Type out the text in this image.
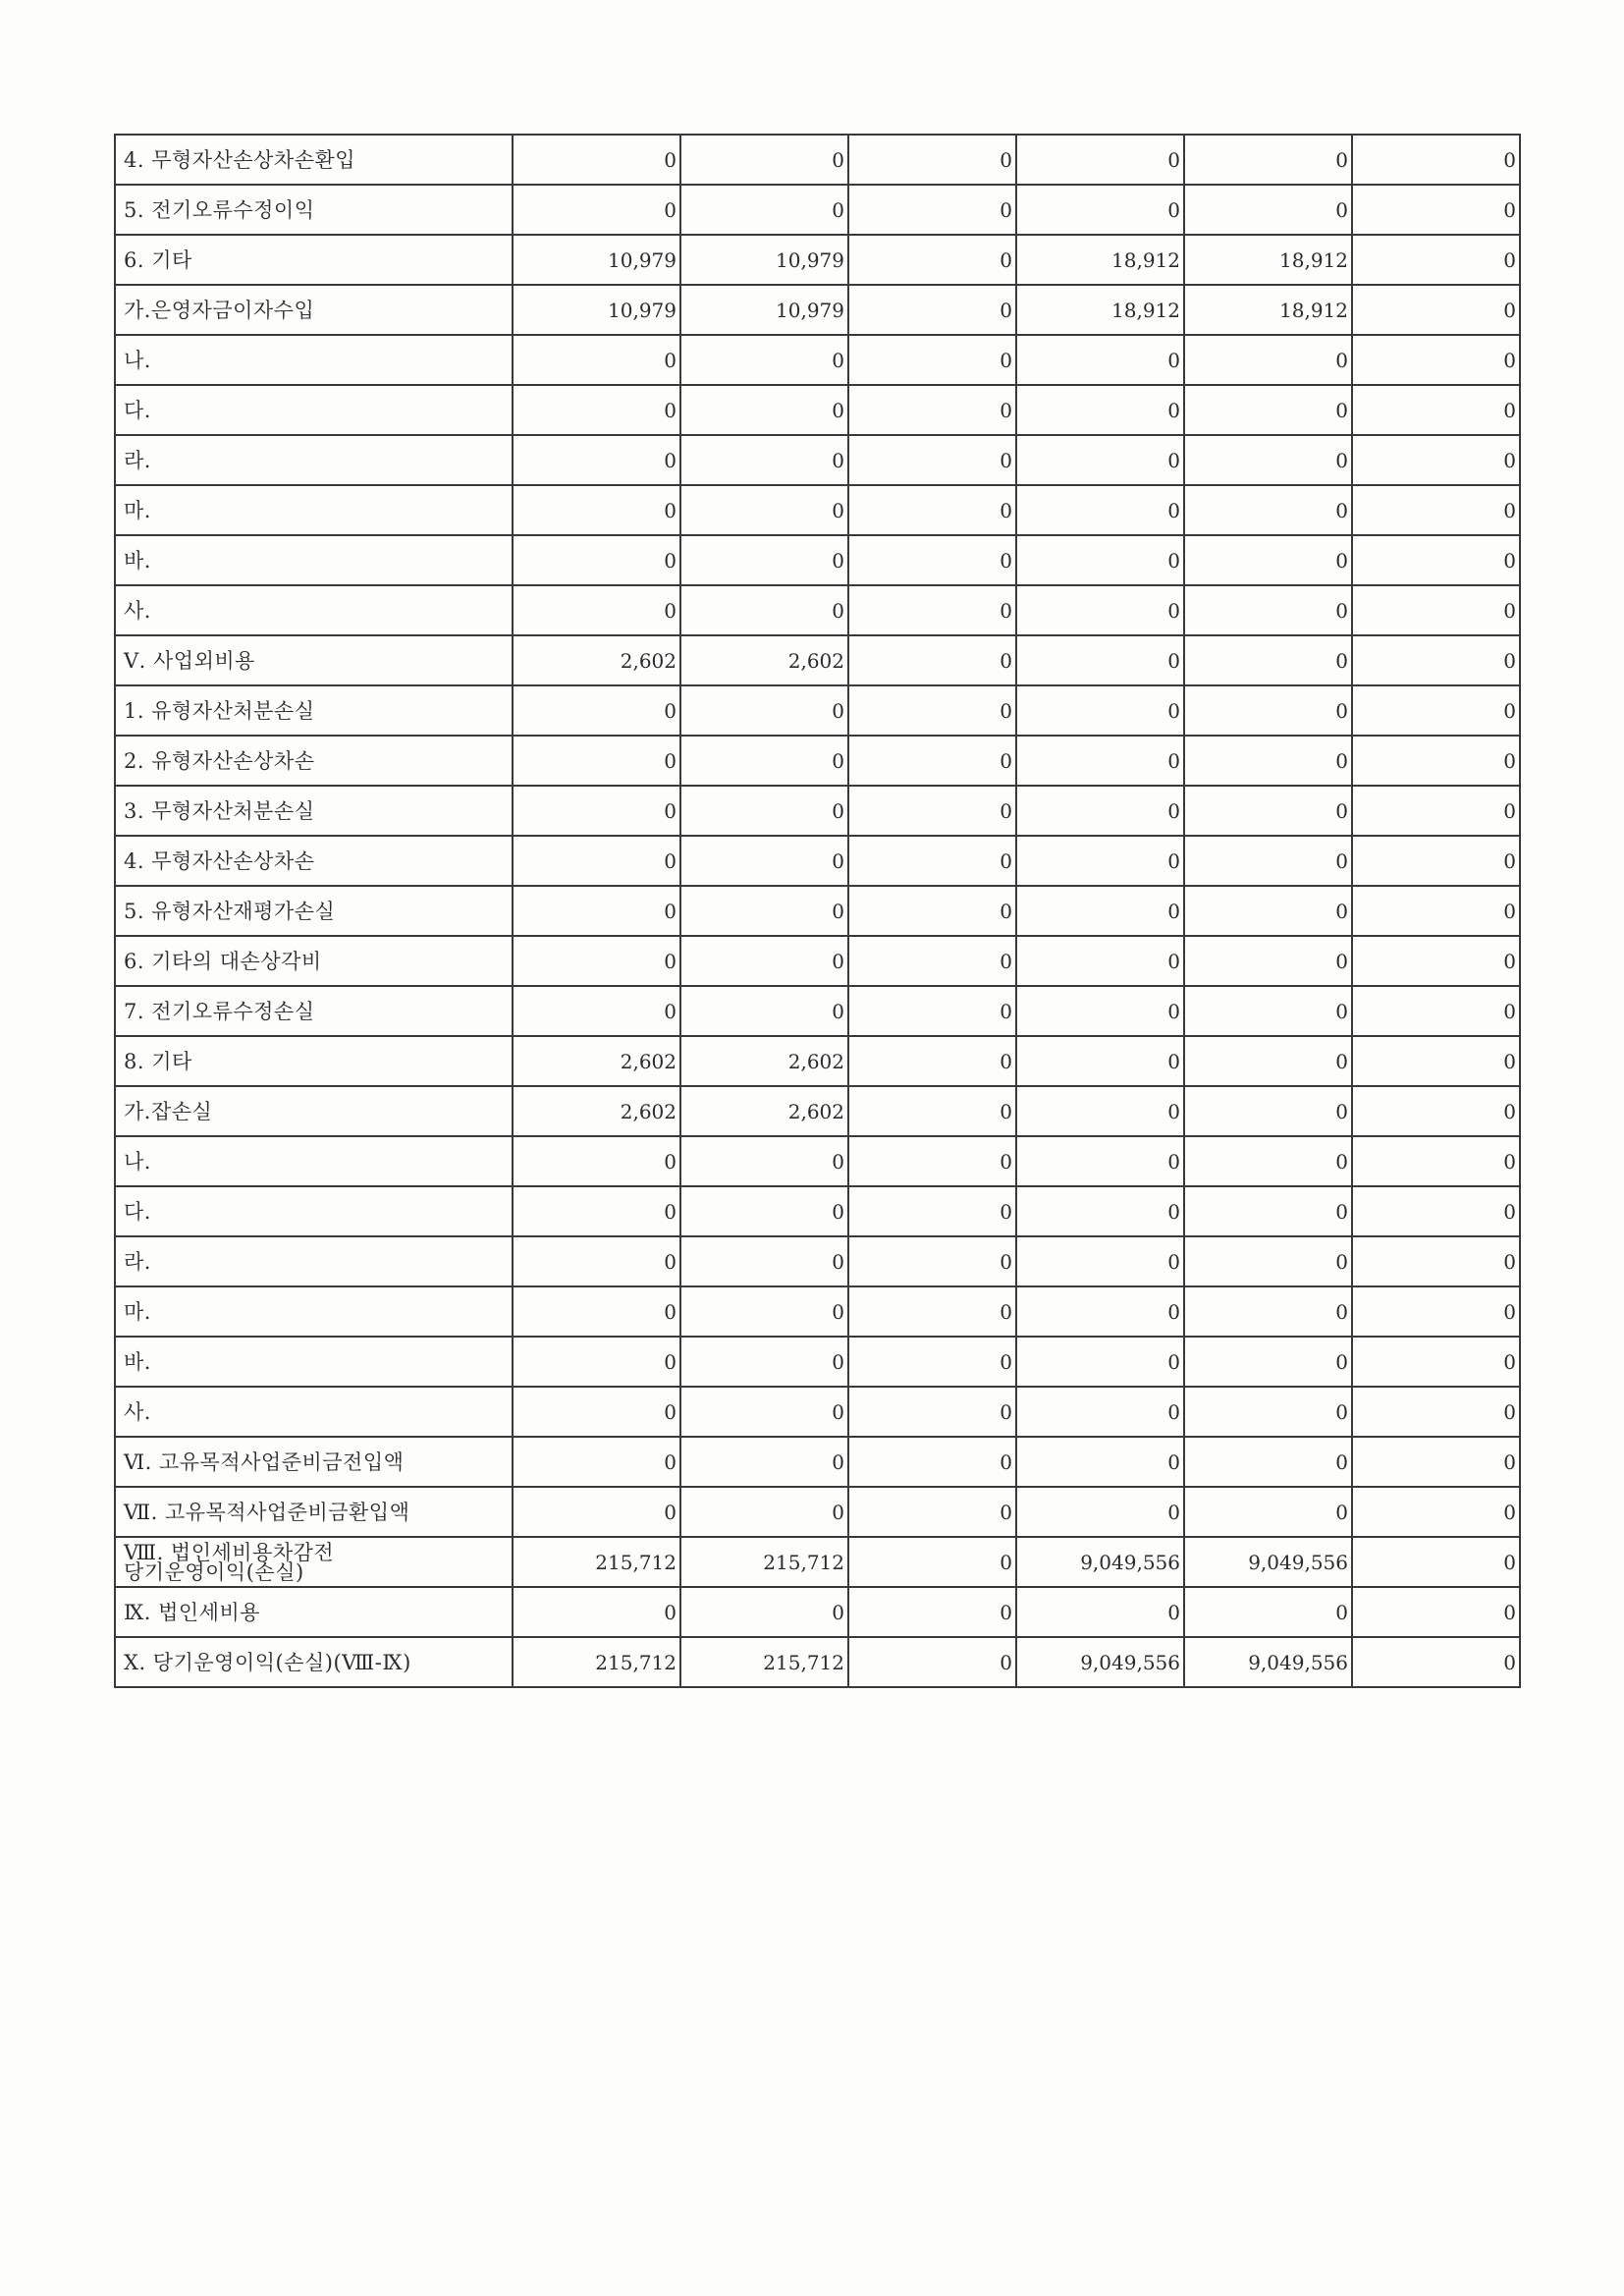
4. 무형자산손상차손환입	0	0	0	0	0	0
5. 전기오류수정이익	0	0	0	0	0	0
6. 기타	10,979	10,979	0	18,912	18,912	0
가.은영자금이자수입	10,979	10,979	0	18,912	18,912	0
나.	0	0	0	0	0	0
다.	0	0	0	0	0	0
라.	0	0	0	0	0	0
마.	0	0	0	0	0	0
바.	0	0	0	0	0	0
사.	0	0	0	0	0	0
Ⅴ. 사업외비용	2,602	2,602	0	0	0	0
1. 유형자산처분손실	0	0	0	0	0	0
2. 유형자산손상차손	0	0	0	0	0	0
3. 무형자산처분손실	0	0	0	0	0	0
4. 무형자산손상차손	0	0	0	0	0	0
5. 유형자산재평가손실	0	0	0	0	0	0
6. 기타의 대손상각비	0	0	0	0	0	0
7. 전기오류수정손실	0	0	0	0	0	0
8. 기타	2,602	2,602	0	0	0	0
가.잡손실	2,602	2,602	0	0	0	0
나.	0	0	0	0	0	0
다.	0	0	0	0	0	0
라.	0	0	0	0	0	0
마.	0	0	0	0	0	0
바.	0	0	0	0	0	0
사.	0	0	0	0	0	0
Ⅵ. 고유목적사업준비금전입액	0	0	0	0	0	0
Ⅶ. 고유목적사업준비금환입액	0	0	0	0	0	0

Ⅷ. 법인세비용차감전
당기운영이익(손실)	215,712	215,712	0	9,049,556	9,049,556	0
Ⅸ. 법인세비용	0	0	0	0	0	0
Ⅹ. 당기운영이익(손실)(Ⅷ-Ⅸ)	215,712	215,712	0	9,049,556	9,049,556	0
